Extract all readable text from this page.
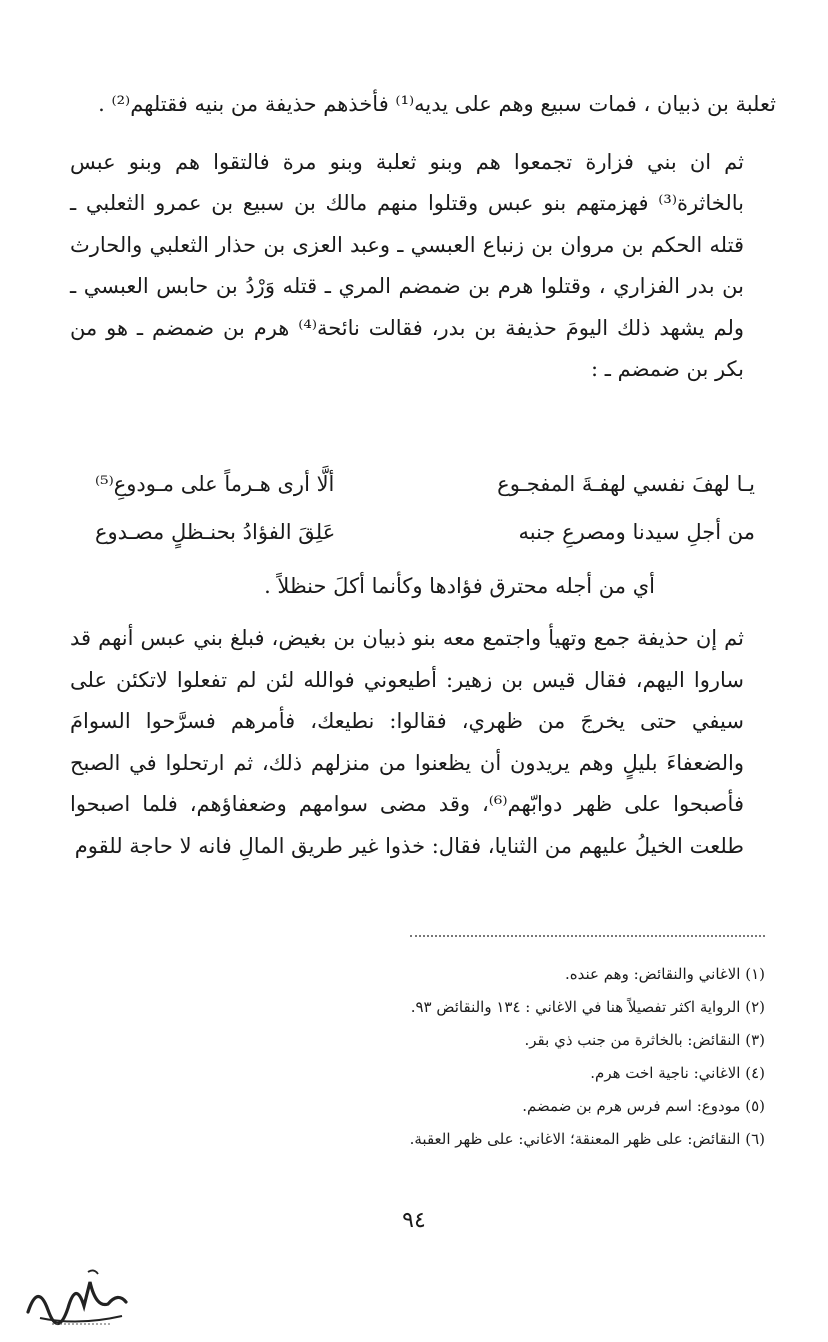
ثعلبة بن ذبيان ، فمات سبيع وهم على يديه⁽¹⁾ فأخذهم حذيفة من بنيه فقتلهم⁽²⁾ .

ثم ان بني فزارة تجمعوا هم وبنو ثعلبة وبنو مرة فالتقوا هم وبنو عبس بالخاثرة⁽³⁾ فهزمتهم بنو عبس وقتلوا منهم مالك بن سبيع بن عمرو الثعلبي ـ قتله الحكم بن مروان بن زنباع العبسي ـ وعبد العزى بن حذار الثعلبي والحارث بن بدر الفزاري ، وقتلوا هرم بن ضمضم المري ـ قتله وَرْدُ بن حابس العبسي ـ ولم يشهد ذلك اليومَ حذيفة بن بدر، فقالت نائحة⁽⁴⁾ هرم بن ضمضم ـ هو من بكر بن ضمضم ـ :

يـا لهفَ نفسي لهفـةَ المفجـوع
ألَّا أرى هـرماً على مـودوعِ⁽⁵⁾
من أجلِ سيدنا ومصرعِ جنبه
عَلِقَ الفؤادُ بحنـظلٍ مصـدوع
أي من أجله محترق فؤادها وكأنما أكلَ حنظلاً .

ثم إن حذيفة جمع وتهيأ واجتمع معه بنو ذبيان بن بغيض، فبلغ بني عبس أنهم قد ساروا اليهم، فقال قيس بن زهير: أطيعوني فوالله لئن لم تفعلوا لاتكئن على سيفي حتى يخرجَ من ظهري، فقالوا: نطيعك، فأمرهم فسرَّحوا السوامَ والضعفاءَ بليلٍ وهم يريدون أن يظعنوا من منزلهم ذلك، ثم ارتحلوا في الصبح فأصبحوا على ظهر دوابّهم⁽⁶⁾، وقد مضى سوامهم وضعفاؤهم، فلما اصبحوا طلعت الخيلُ عليهم من الثنايا، فقال: خذوا غير طريق المالِ فانه لا حاجة للقوم

(١) الاغاني والنقائض: وهم عنده.
(٢) الرواية اكثر تفصيلاً هنا في الاغاني : ١٣٤ والنقائض ٩٣.
(٣) النقائض: بالخاثرة من جنب ذي بقر.
(٤) الاغاني: ناجية اخت هرم.
(٥) مودوع: اسم فرس هرم بن ضمضم.
(٦) النقائض: على ظهر المعنقة؛ الاغاني: على ظهر العقبة.
٩٤
